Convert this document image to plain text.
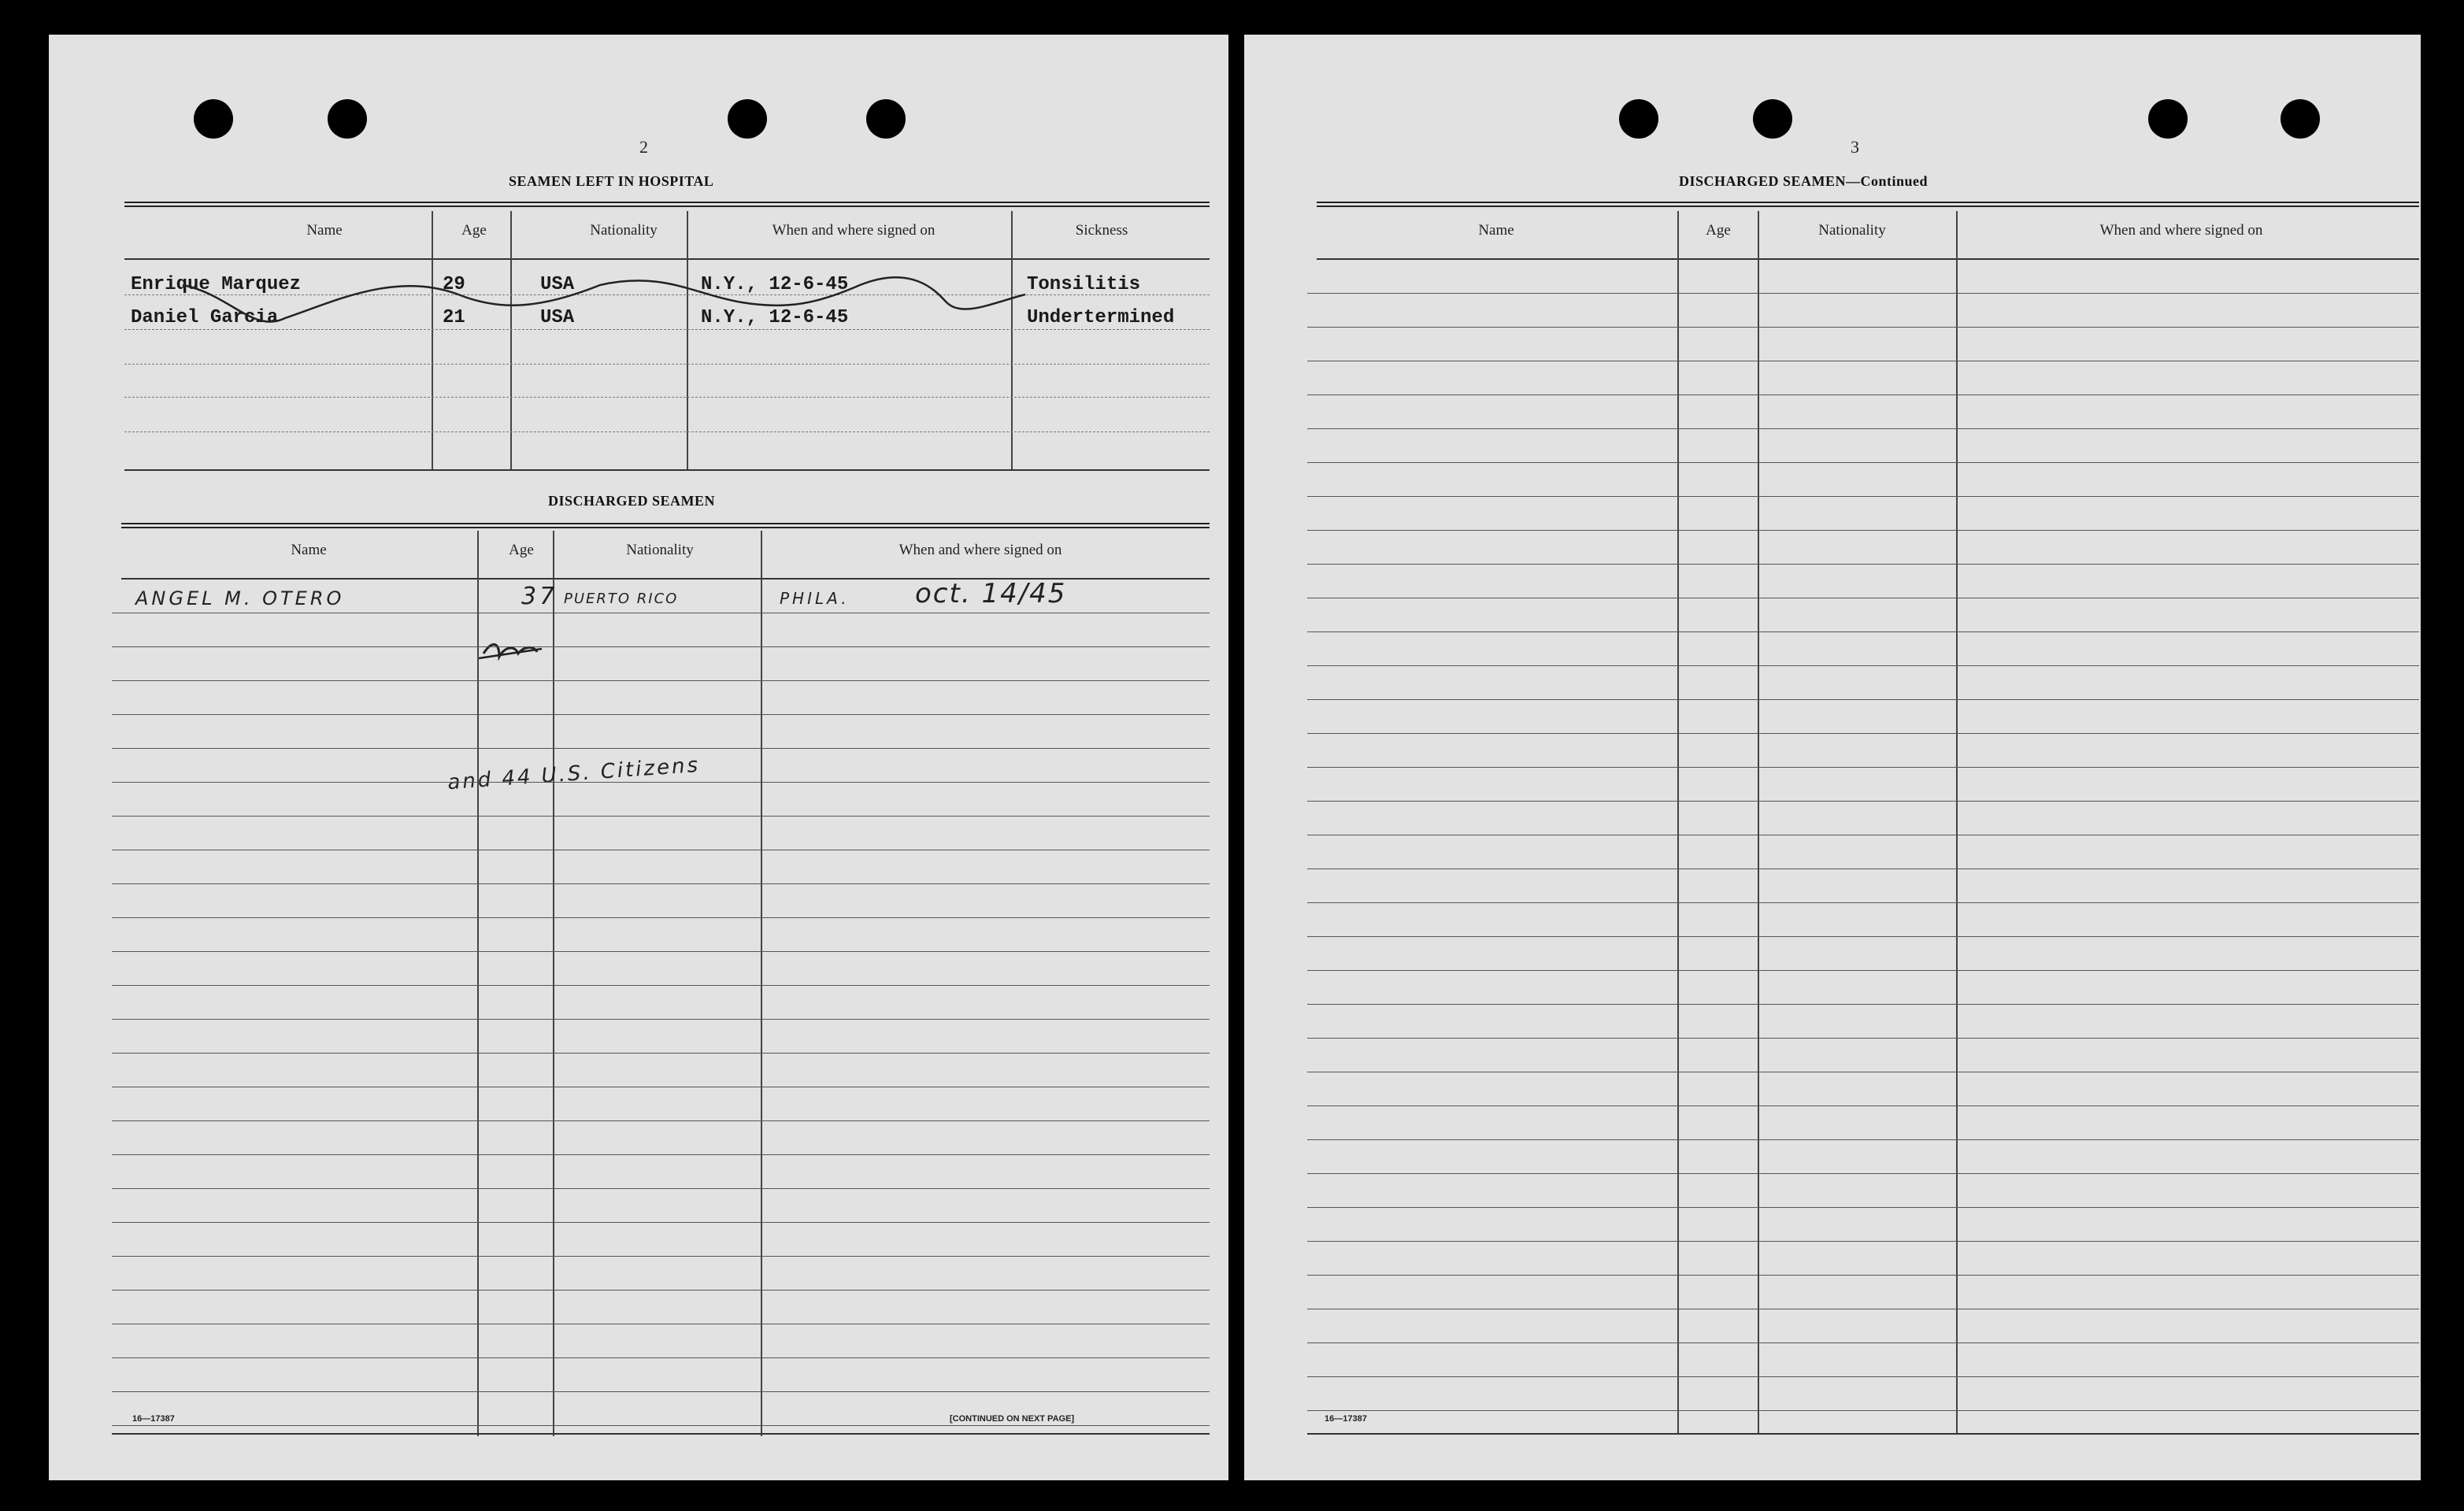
2
SEAMEN LEFT IN HOSPITAL
Name	Age	Nationality	When and where signed on	Sickness
Enrique Marquez	29	USA	N.Y., 12-6-45	Tonsilitis
Daniel Garcia	21	USA	N.Y., 12-6-45	Undertermined
DISCHARGED SEAMEN
Name	Age	Nationality	When and where signed on
ANGEL M. OTERO	37 PUERTO RICO	PHILA. oct. 14/45
and 44 U.S. Citizens
16—17387	[CONTINUED ON NEXT PAGE]
3
DISCHARGED SEAMEN—Continued
Name	Age	Nationality	When and where signed on
16—17387
